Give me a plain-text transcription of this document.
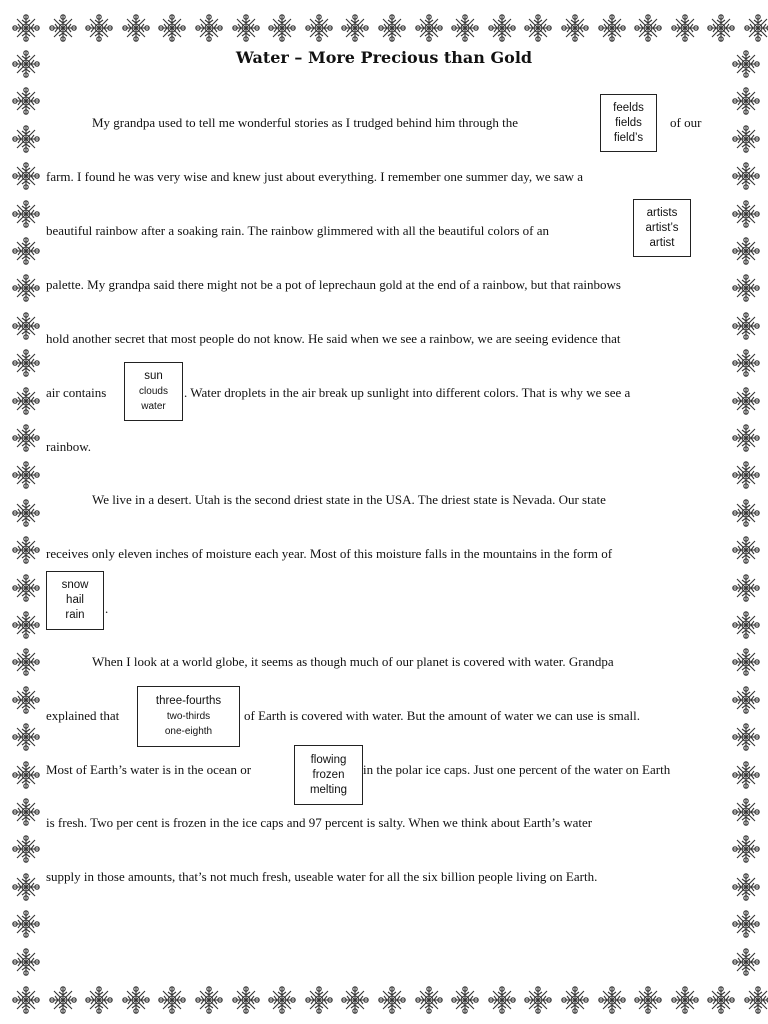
Water – More Precious than Gold
My grandpa used to tell me wonderful stories as I trudged behind him through the
feelds
fields
field’s
of our
farm. I found he was very wise and knew just about everything. I remember one summer day, we saw a
beautiful rainbow after a soaking rain. The rainbow glimmered with all the beautiful colors of an
artists
artist’s
artist
palette. My grandpa said there might not be a pot of leprechaun gold at the end of a rainbow, but that rainbows
hold another secret that most people do not know. He said when we see a rainbow, we are seeing evidence that
air contains
sun
clouds
water
. Water droplets in the air break up sunlight into different colors. That is why we see a
rainbow.
We live in a desert. Utah is the second driest state in the USA. The driest state is Nevada. Our state
receives only eleven inches of moisture each year. Most of this moisture falls in the mountains in the form of
snow
hail
rain	.
When I look at a world globe, it seems as though much of our planet is covered with water. Grandpa
explained that
three-fourths
two-thirds
one-eighth
of Earth is covered with water. But the amount of water we can use is small.
Most of Earth’s water is in the ocean or
flowing
frozen
melting
in the polar ice caps. Just one percent of the water on Earth
is fresh. Two per cent is frozen in the ice caps and 97 percent is salty. When we think about Earth’s water
supply in those amounts, that’s not much fresh, useable water for all the six billion people living on Earth.
